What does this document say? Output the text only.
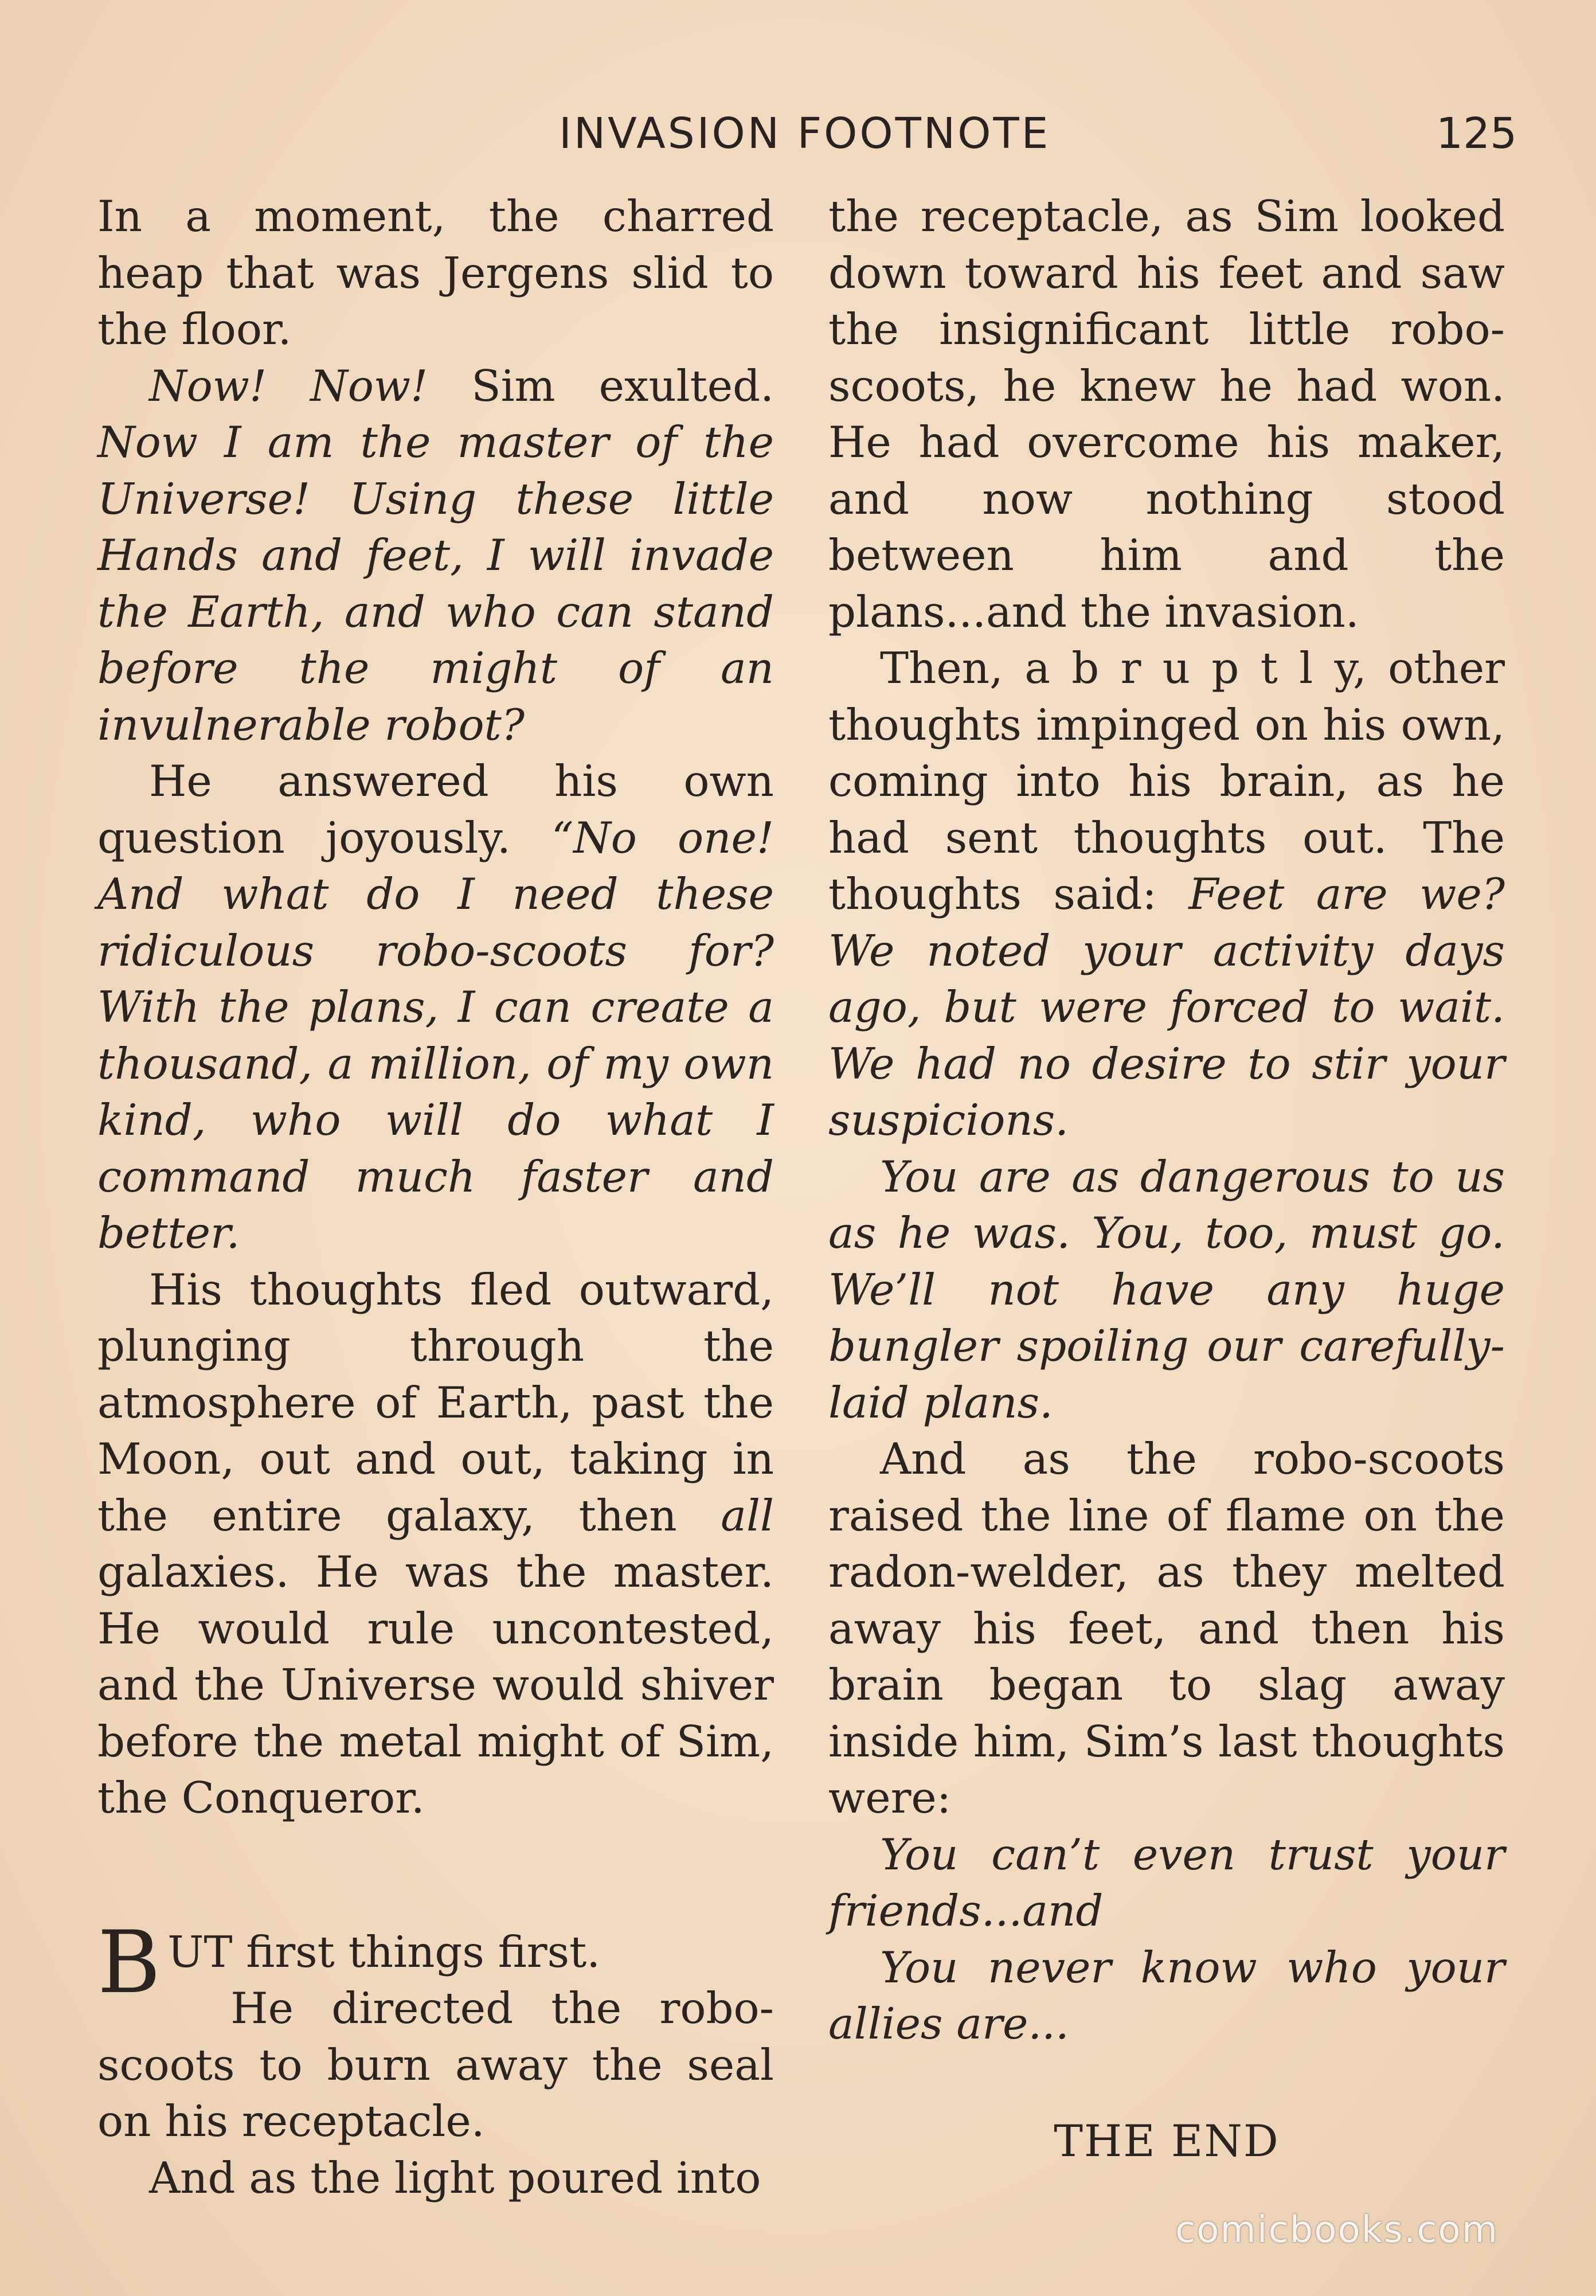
INVASION FOOTNOTE	125

In a moment, the charred heap that was Jergens slid to the floor.

Now! Now! Sim exulted. Now I am the master of the Universe! Using these little Hands and feet, I will invade the Earth, and who can stand before the might of an invulnerable robot?

He answered his own question joyously. “No one! And what do I need these ridiculous robo-scoots for? With the plans, I can create a thousand, a million, of my own kind, who will do what I command much faster and better.

His thoughts fled outward, plunging through the atmosphere of Earth, past the Moon, out and out, taking in the entire galaxy, then all galaxies. He was the master. He would rule uncontested, and the Universe would shiver before the metal might of Sim, the Conqueror.

BUT first things first.
He directed the robo-scoots to burn away the seal on his receptacle.

And as the light poured into

the receptacle, as Sim looked down toward his feet and saw the insignificant little robo-scoots, he knew he had won. He had overcome his maker, and now nothing stood between him and the plans...and the invasion.

Then, a b r u p t l y, other thoughts impinged on his own, coming into his brain, as he had sent thoughts out. The thoughts said: Feet are we? We noted your activity days ago, but were forced to wait. We had no desire to stir your suspicions.

You are as dangerous to us as he was. You, too, must go. We’ll not have any huge bungler spoiling our carefully-laid plans.

And as the robo-scoots raised the line of flame on the radon-welder, as they melted away his feet, and then his brain began to slag away inside him, Sim’s last thoughts were:

You can’t even trust your friends...and

You never know who your allies are...

THE END
comicbooks.com
